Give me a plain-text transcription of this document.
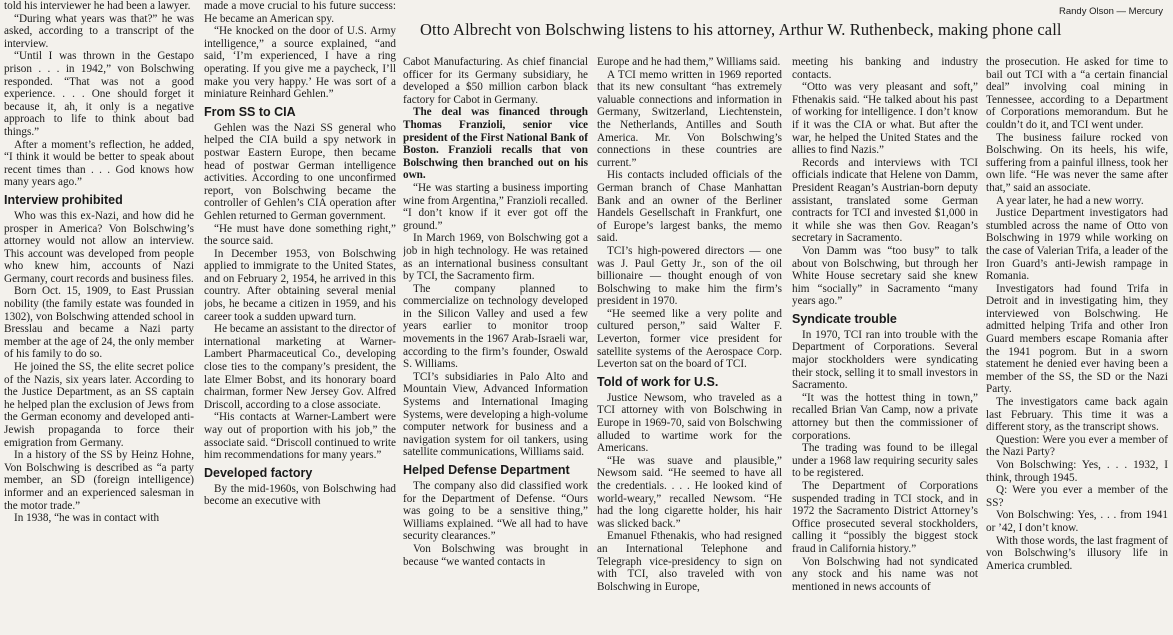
Randy Olson — Mercury
Otto Albrecht von Bolschwing listens to his attorney, Arthur W. Ruthenbeck, making phone call

told his interviewer he had been a lawyer.

“During what years was that?” he was asked, according to a transcript of the interview.

“Until I was thrown in the Gestapo prison . . . in 1942,” von Bolschwing responded. “That was not a good experience. . . . One should forget it because it, ah, it only is a negative approach to life to think about bad things.”

After a moment’s reflection, he added, “I think it would be better to speak about recent times than . . . God knows how many years ago.”

Interview prohibited

Who was this ex-Nazi, and how did he prosper in America? Von Bolschwing’s attorney would not allow an interview. This account was developed from people who knew him, accounts of Nazi Germany, court records and business files.

Born Oct. 15, 1909, to East Prussian nobility (the family estate was founded in 1302), von Bolschwing attended school in Bresslau and became a Nazi party member at the age of 24, the only member of his family to do so.

He joined the SS, the elite secret police of the Nazis, six years later. According to the Justice Department, as an SS captain he helped plan the exclusion of Jews from the German economy and developed anti-Jewish propaganda to force their emigration from Germany.

In a history of the SS by Heinz Hohne, Von Bolschwing is described as “a party member, an SD (foreign intelligence) informer and an experienced salesman in the motor trade.”

In 1938, “he was in contact with

made a move crucial to his future success: He became an American spy.

“He knocked on the door of U.S. Army intelligence,” a source explained, “and said, ‘I’m experienced, I have a ring operating. If you give me a paycheck, I’ll make you very happy.’ He was sort of a miniature Reinhard Gehlen.”

From SS to CIA

Gehlen was the Nazi SS general who helped the CIA build a spy network in postwar Eastern Europe, then became head of postwar German intelligence activities. According to one unconfirmed report, von Bolschwing became the controller of Gehlen’s CIA operation after Gehlen returned to German government.

“He must have done something right,” the source said.

In December 1953, von Bolschwing applied to immigrate to the United States, and on February 2, 1954, he arrived in this country. After obtaining several menial jobs, he became a citizen in 1959, and his career took a sudden upward turn.

He became an assistant to the director of international marketing at Warner-Lambert Pharmaceutical Co., developing close ties to the company’s president, the late Elmer Bobst, and its honorary board chairman, former New Jersey Gov. Alfred Driscoll, according to a close associate.

“His contacts at Warner-Lambert were way out of proportion with his job,” the associate said. “Driscoll continued to write him recommendations for many years.”

Developed factory

By the mid-1960s, von Bolschwing had become an executive with

Cabot Manufacturing. As chief financial officer for its Germany subsidiary, he developed a $50 million carbon black factory for Cabot in Germany.

The deal was financed through Thomas Franzioli, senior vice president of the First National Bank of Boston. Franzioli recalls that von Bolschwing then branched out on his own.

“He was starting a business importing wine from Argentina,” Franzioli recalled. “I don’t know if it ever got off the ground.”

In March 1969, von Bolschwing got a job in high technology. He was retained as an international business consultant by TCI, the Sacramento firm.

The company planned to commercialize on technology developed in the Silicon Valley and used a few years earlier to monitor troop movements in the 1967 Arab-Israeli war, according to the firm’s founder, Oswald S. Williams.

TCI’s subsidiaries in Palo Alto and Mountain View, Advanced Information Systems and International Imaging Systems, were developing a high-volume computer network for business and a navigation system for oil tankers, using satellite communications, Williams said.

Helped Defense Department

The company also did classified work for the Department of Defense. “Ours was going to be a sensitive thing,” Williams explained. “We all had to have security clearances.”

Von Bolschwing was brought in because “we wanted contacts in

Europe and he had them,” Williams said.

A TCI memo written in 1969 reported that its new consultant “has extremely valuable connections and information in Germany, Switzerland, Liechtenstein, the Netherlands, Antilles and South America. Mr. Von Bolschwing’s connections in these countries are current.”

His contacts included officials of the German branch of Chase Manhattan Bank and an owner of the Berliner Handels Gesellschaft in Frankfurt, one of Europe’s largest banks, the memo said.

TCI’s high-powered directors — one was J. Paul Getty Jr., son of the oil billionaire — thought enough of von Bolschwing to make him the firm’s president in 1970.

“He seemed like a very polite and cultured person,” said Walter F. Leverton, former vice president for satellite systems of the Aerospace Corp. Leverton sat on the board of TCI.

Told of work for U.S.

Justice Newsom, who traveled as a TCI attorney with von Bolschwing in Europe in 1969-70, said von Bolschwing alluded to wartime work for the Americans.

“He was suave and plausible,” Newsom said. “He seemed to have all the credentials. . . . He looked kind of world-weary,” recalled Newsom. “He had the long cigarette holder, his hair was slicked back.”

Emanuel Fthenakis, who had resigned an International Telephone and Telegraph vice-presidency to sign on with TCI, also traveled with von Bolschwing in Europe,

meeting his banking and industry contacts.

“Otto was very pleasant and soft,” Fthenakis said. “He talked about his past of working for intelligence. I don’t know if it was the CIA or what. But after the war, he helped the United States and the allies to find Nazis.”

Records and interviews with TCI officials indicate that Helene von Damm, President Reagan’s Austrian-born deputy assistant, translated some German contracts for TCI and invested $1,000 in it while she was then Gov. Reagan’s secretary in Sacramento.

Von Damm was “too busy” to talk about von Bolschwing, but through her White House secretary said she knew him “socially” in Sacramento “many years ago.”

Syndicate trouble

In 1970, TCI ran into trouble with the Department of Corporations. Several major stockholders were syndicating their stock, selling it to small investors in Sacramento.

“It was the hottest thing in town,” recalled Brian Van Camp, now a private attorney but then the commissioner of corporations.

The trading was found to be illegal under a 1968 law requiring security sales to be registered.

The Department of Corporations suspended trading in TCI stock, and in 1972 the Sacramento District Attorney’s Office prosecuted several stockholders, calling it “possibly the biggest stock fraud in California history.”

Von Bolschwing had not syndicated any stock and his name was not mentioned in news accounts of

the prosecution. He asked for time to bail out TCI with a “a certain financial deal” involving coal mining in Tennessee, according to a Department of Corporations memorandum. But he couldn’t do it, and TCI went under.

The business failure rocked von Bolschwing. On its heels, his wife, suffering from a painful illness, took her own life. “He was never the same after that,” said an associate.

A year later, he had a new worry.

Justice Department investigators had stumbled across the name of Otto von Bolschwing in 1979 while working on the case of Valerian Trifa, a leader of the Iron Guard’s anti-Jewish rampage in Romania.

Investigators had found Trifa in Detroit and in investigating him, they interviewed von Bolschwing. He admitted helping Trifa and other Iron Guard members escape Romania after the 1941 pogrom. But in a sworn statement he denied ever having been a member of the SS, the SD or the Nazi Party.

The investigators came back again last February. This time it was a different story, as the transcript shows.

Question: Were you ever a member of the Nazi Party?

Von Bolschwing: Yes, . . . 1932, I think, through 1945.

Q: Were you ever a member of the SS?

Von Bolschwing: Yes, . . . from 1941 or ’42, I don’t know.

With those words, the last fragment of von Bolschwing’s illusory life in America crumbled.
